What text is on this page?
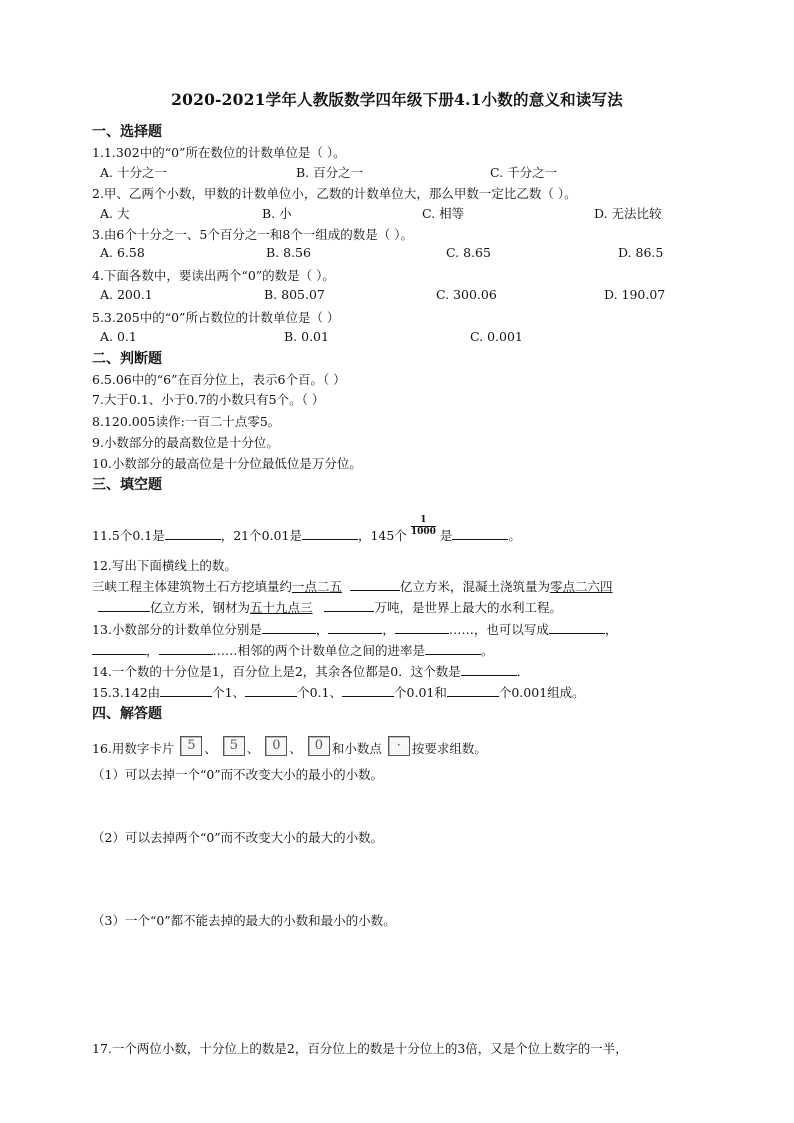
2020-2021学年人教版数学四年级下册4.1小数的意义和读写法
一、选择题
1.1.302中的“0”所在数位的计数单位是（ ）。
A. 十分之一	B. 百分之一	C. 千分之一
2.甲、乙两个小数，甲数的计数单位小，乙数的计数单位大，那么甲数一定比乙数（ ）。
A. 大	B. 小	C. 相等	D. 无法比较
3.由6个十分之一、5个百分之一和8个一组成的数是（ ）。
A. 6.58	B. 8.56	C. 8.65	D. 86.5
4.下面各数中，要读出两个“0”的数是（ ）。
A. 200.1	B. 805.07	C. 300.06	D. 190.07
5.3.205中的“0”所占数位的计数单位是（ ）
A. 0.1	B. 0.01	C. 0.001
二、判断题
6.5.06中的“6”在百分位上，表示6个百。（ ）
7.大于0.1、小于0.7的小数只有5个。（ ）
8.120.005读作:一百二十点零5。
9.小数部分的最高数位是十分位。
10.小数部分的最高位是十分位最低位是万分位。
三、填空题
11.5个0.1是	，21个0.01是	，145个 $\frac{1}{1000}$ 是	。
12.写出下面横线上的数。
三峡工程主体建筑物土石方挖填量约一点二五	亿立方米，混凝土浇筑量为零点二六四
亿立方米，钢材为五十九点三	万吨，是世界上最大的水利工程。
13.小数部分的计数单位分别是	，	，	……，也可以写成	，
，	……相邻的两个计数单位之间的进率是	。
14.一个数的十分位是1，百分位上是2，其余各位都是0．这个数是	．
15.3.142由	个1、	个0.1、	个0.01和	个0.001组成。
四、解答题
16.用数字卡片 5 、 5 、 0 、 0 和小数点 · 按要求组数。
（1）可以去掉一个“0”而不改变大小的最小的小数。
（2）可以去掉两个“0”而不改变大小的最大的小数。
（3）一个“0”都不能去掉的最大的小数和最小的小数。
17.一个两位小数，十分位上的数是2，百分位上的数是十分位上的3倍，又是个位上数字的一半，
